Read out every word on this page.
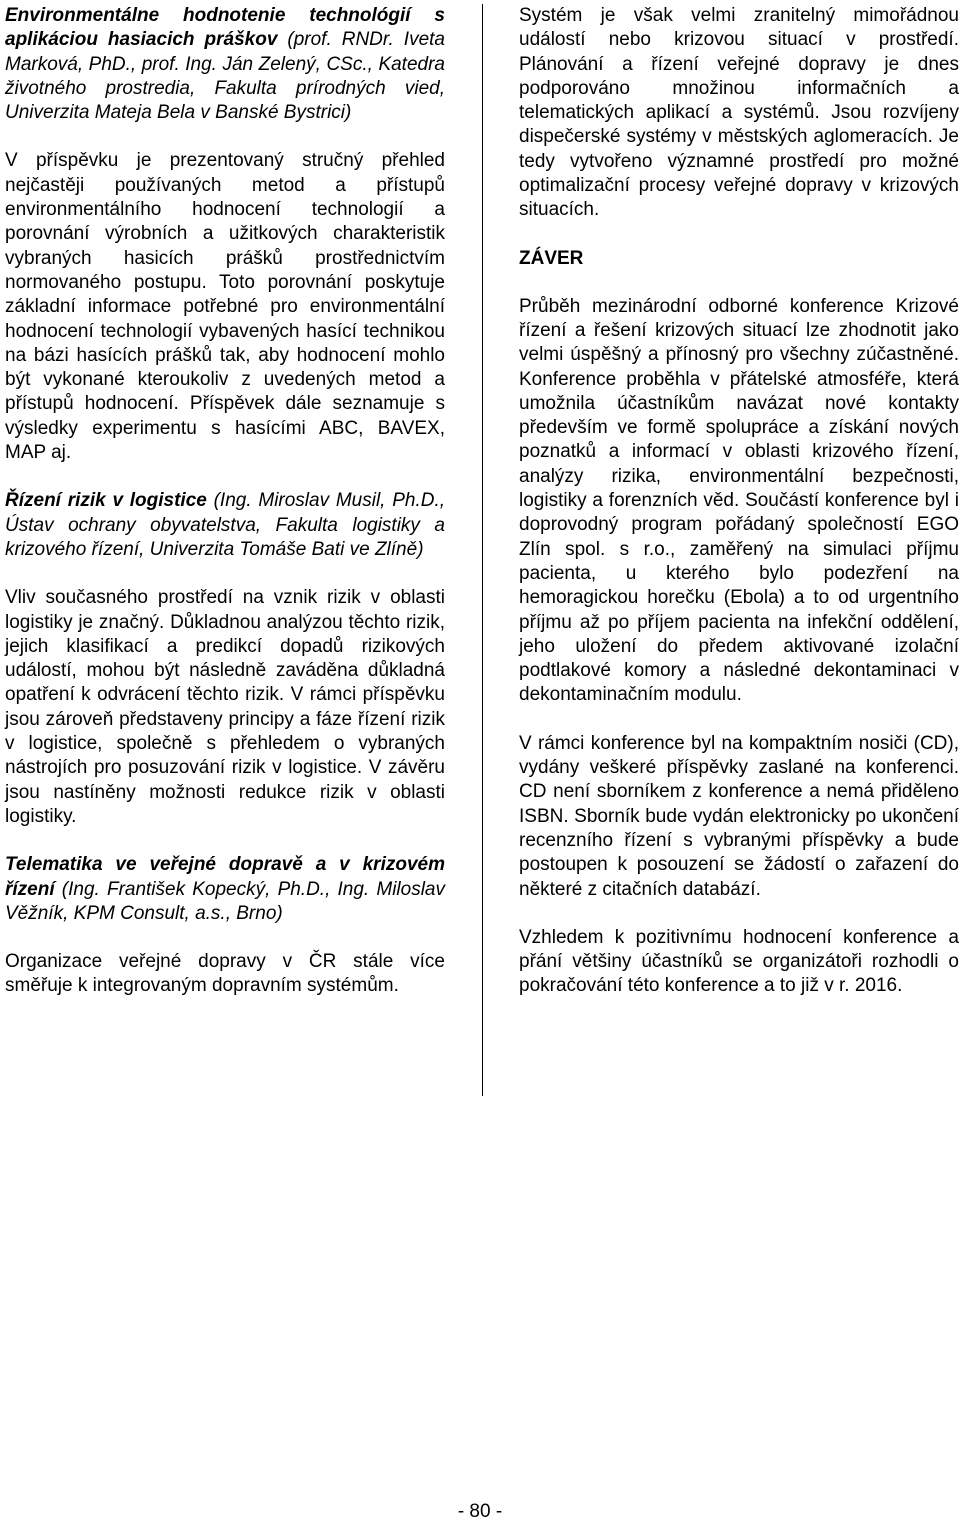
Environmentálne hodnotenie technológií s aplikáciou hasiacich práškov (prof. RNDr. Iveta Marková, PhD., prof. Ing. Ján Zelený, CSc., Katedra životného prostredia, Fakulta prírodných vied, Univerzita Mateja Bela v Banské Bystrici)

V příspěvku je prezentovaný stručný přehled nejčastěji používaných metod a přístupů environmentálního hodnocení technologií a porovnání výrobních a užitkových charakteristik vybraných hasicích prášků prostřednictvím normovaného postupu. Toto porovnání poskytuje základní informace potřebné pro environmentální hodnocení technologií vybavených hasící technikou na bázi hasících prášků tak, aby hodnocení mohlo být vykonané kteroukoliv z uvedených metod a přístupů hodnocení. Příspěvek dále seznamuje s výsledky experimentu s hasícími ABC, BAVEX, MAP aj.

Řízení rizik v logistice (Ing. Miroslav Musil, Ph.D., Ústav ochrany obyvatelstva, Fakulta logistiky a krizového řízení, Univerzita Tomáše Bati ve Zlíně)

Vliv současného prostředí na vznik rizik v oblasti logistiky je značný. Důkladnou analýzou těchto rizik, jejich klasifikací a predikcí dopadů rizikových událostí, mohou být následně zaváděna důkladná opatření k odvrácení těchto rizik. V rámci příspěvku jsou zároveň představeny principy a fáze řízení rizik v logistice, společně s přehledem o vybraných nástrojích pro posuzování rizik v logistice. V závěru jsou nastíněny možnosti redukce rizik v oblasti logistiky.

Telematika ve veřejné dopravě a v krizovém řízení (Ing. František Kopecký, Ph.D., Ing. Miloslav Věžník, KPM Consult, a.s., Brno)

Organizace veřejné dopravy v ČR stále více směřuje k integrovaným dopravním systémům.

Systém je však velmi zranitelný mimořádnou událostí nebo krizovou situací v prostředí. Plánování a řízení veřejné dopravy je dnes podporováno množinou informačních a telematických aplikací a systémů. Jsou rozvíjeny dispečerské systémy v městských aglomeracích. Je tedy vytvořeno významné prostředí pro možné optimalizační procesy veřejné dopravy v krizových situacích.

ZÁVER

Průběh mezinárodní odborné konference Krizové řízení a řešení krizových situací lze zhodnotit jako velmi úspěšný a přínosný pro všechny zúčastněné. Konference proběhla v přátelské atmosféře, která umožnila účastníkům navázat nové kontakty především ve formě spolupráce a získání nových poznatků a informací v oblasti krizového řízení, analýzy rizika, environmentální bezpečnosti, logistiky a forenzních věd. Součástí konference byl i doprovodný program pořádaný společností EGO Zlín spol. s r.o., zaměřený na simulaci příjmu pacienta, u kterého bylo podezření na hemoragickou horečku (Ebola) a to od urgentního příjmu až po příjem pacienta na infekční oddělení, jeho uložení do předem aktivované izolační podtlakové komory a následné dekontaminaci v dekontaminačním modulu.

V rámci konference byl na kompaktním nosiči (CD), vydány veškeré příspěvky zaslané na konferenci. CD není sborníkem z konference a nemá přiděleno ISBN. Sborník bude vydán elektronicky po ukončení recenzního řízení s vybranými příspěvky a bude postoupen k posouzení se žádostí o zařazení do některé z citačních databází.

Vzhledem k pozitivnímu hodnocení konference a přání většiny účastníků se organizátoři rozhodli o pokračování této konference a to již v r. 2016.

- 80 -
